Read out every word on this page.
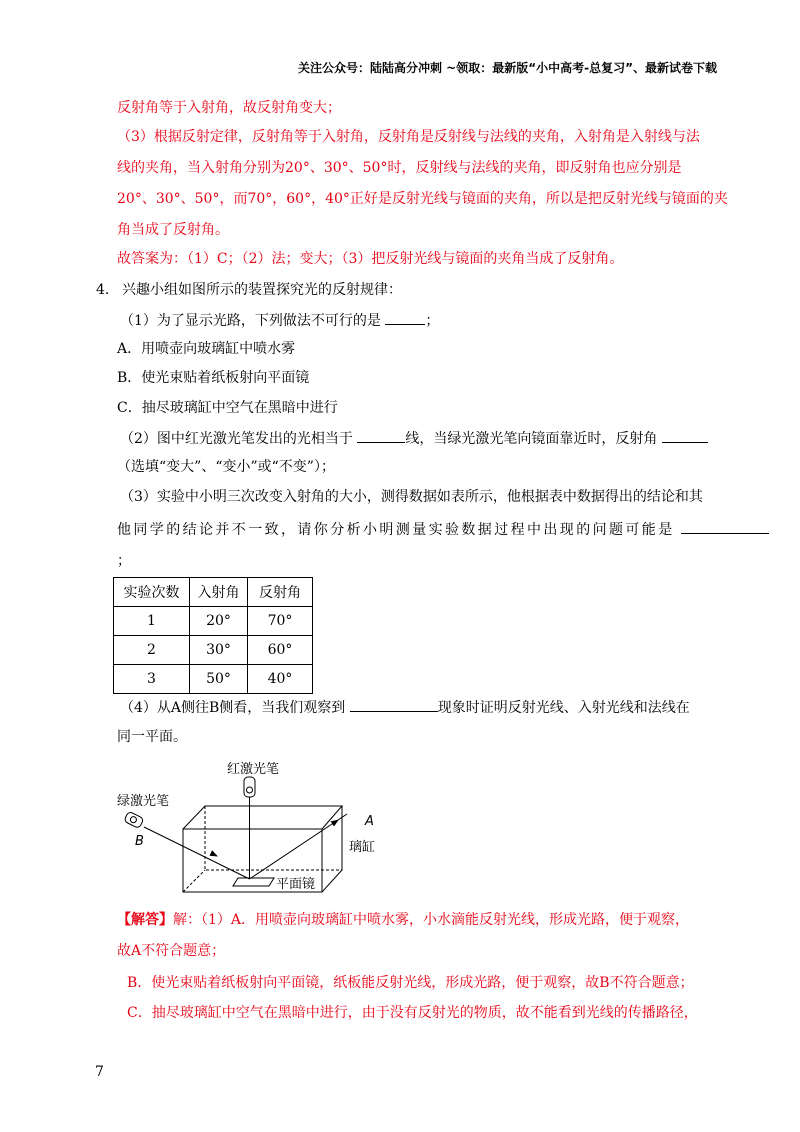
关注公众号：陆陆高分冲刺 ~领取：最新版“小中高考-总复习”、最新试卷下载
反射角等于入射角，故反射角变大；
（3）根据反射定律，反射角等于入射角，反射角是反射线与法线的夹角，入射角是入射线与法
线的夹角，当入射角分别为20°、30°、50°时，反射线与法线的夹角，即反射角也应分别是
20°、30°、50°，而70°，60°，40°正好是反射光线与镜面的夹角，所以是把反射光线与镜面的夹
角当成了反射角。
故答案为：（1）C；（2）法；变大；（3）把反射光线与镜面的夹角当成了反射角。
4. 兴趣小组如图所示的装置探究光的反射规律：
（1）为了显示光路，下列做法不可行的是	；
A．用喷壶向玻璃缸中喷水雾
B．使光束贴着纸板射向平面镜
C．抽尽玻璃缸中空气在黑暗中进行
（2）图中红光激光笔发出的光相当于	线，当绿光激光笔向镜面靠近时，反射角
（选填“变大”、“变小”或“不变”）；
（3）实验中小明三次改变入射角的大小，测得数据如表所示，他根据表中数据得出的结论和其
他同学的结论并不一致，请你分析小明测量实验数据过程中出现的问题可能是
；
实验次数	入射角	反射角
1	20°	70°
2	30°	60°
3	50°	40°
（4）从A侧往B侧看，当我们观察到	现象时证明反射光线、入射光线和法线在
同一平面。
红激光笔
绿激光笔
B
A
璃缸
平面镜
【解答】解：（1）A．用喷壶向玻璃缸中喷水雾，小水滴能反射光线，形成光路，便于观察，
故A不符合题意；
B．使光束贴着纸板射向平面镜，纸板能反射光线，形成光路，便于观察，故B不符合题意；
C．抽尽玻璃缸中空气在黑暗中进行，由于没有反射光的物质，故不能看到光线的传播路径，
7
